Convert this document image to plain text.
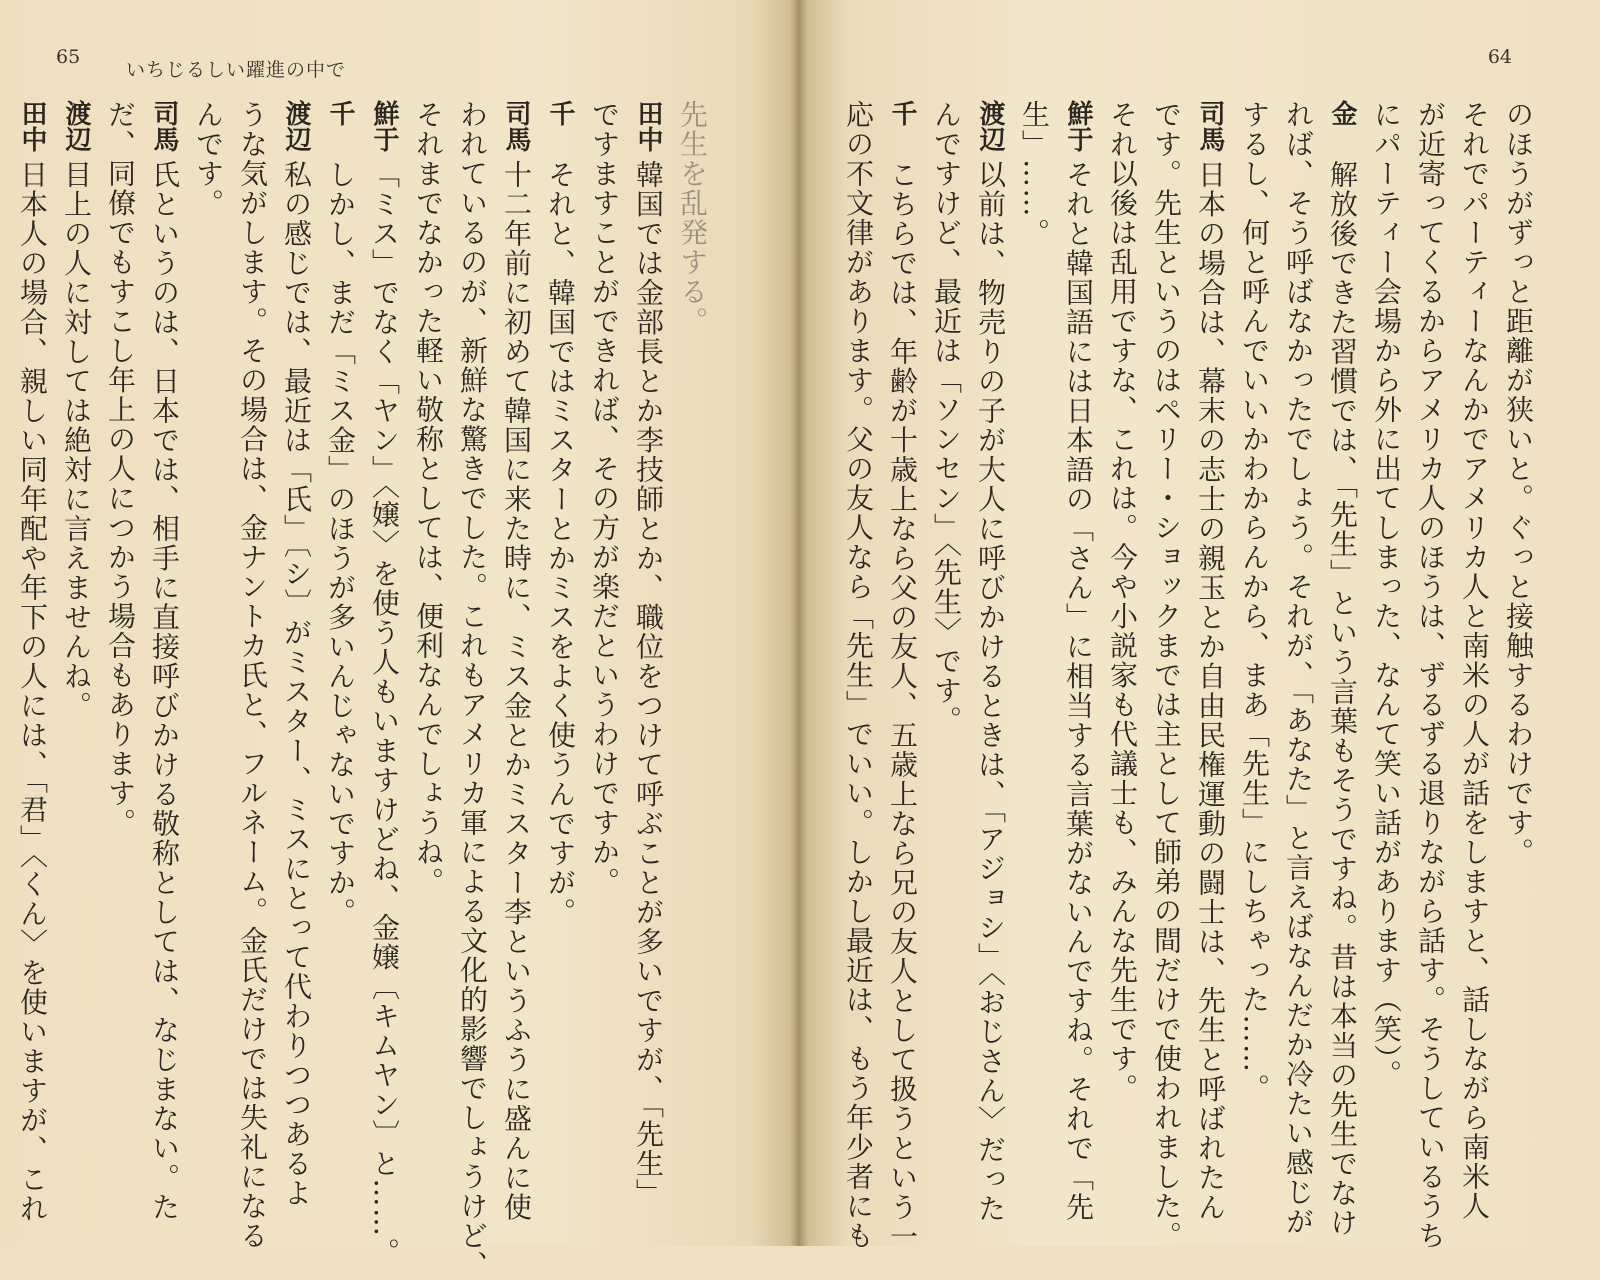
65
いちじるしい躍進の中で
先生を乱発する。
田中韓国では金部長とか李技師とか、職位をつけて呼ぶことが多いですが、「先生」
ですますことができれば、その方が楽だというわけですか。
千それと、韓国ではミスターとかミスをよく使うんですが。
司馬十二年前に初めて韓国に来た時に、ミス金とかミスター李というふうに盛んに使
われているのが、新鮮な驚きでした。これもアメリカ軍による文化的影響でしょうけど、
それまでなかった軽い敬称としては、便利なんでしょうね。
鮮于「ミス」でなく「ヤン」〈嬢〉を使う人もいますけどね、金嬢〔キムヤン〕と……。
千しかし、まだ「ミス金」のほうが多いんじゃないですか。
渡辺私の感じでは、最近は「氏」〔シ〕がミスター、ミスにとって代わりつつあるよ
うな気がします。その場合は、金ナントカ氏と、フルネーム。金氏だけでは失礼になる
んです。
司馬氏というのは、日本では、相手に直接呼びかける敬称としては、なじまない。た
だ、同僚でもすこし年上の人につかう場合もあります。
渡辺目上の人に対しては絶対に言えませんね。
田中日本人の場合、親しい同年配や年下の人には、「君」〈くん〉を使いますが、これ
64
のほうがずっと距離が狭いと。ぐっと接触するわけです。
それでパーティーなんかでアメリカ人と南米の人が話をしますと、話しながら南米人
が近寄ってくるからアメリカ人のほうは、ずるずる退りながら話す。そうしているうち
にパーティー会場から外に出てしまった、なんて笑い話があります（笑）。
金解放後できた習慣では、「先生」という言葉もそうですね。昔は本当の先生でなけ
れば、そう呼ばなかったでしょう。それが、「あなた」と言えばなんだか冷たい感じが
するし、何と呼んでいいかわからんから、まあ「先生」にしちゃった……。
司馬日本の場合は、幕末の志士の親玉とか自由民権運動の闘士は、先生と呼ばれたん
です。先生というのはペリー・ショックまでは主として師弟の間だけで使われました。
それ以後は乱用ですな、これは。今や小説家も代議士も、みんな先生です。
鮮于それと韓国語には日本語の「さん」に相当する言葉がないんですね。それで「先
生」……。
渡辺以前は、物売りの子が大人に呼びかけるときは、「アジョシ」〈おじさん〉だった
んですけど、最近は「ソンセン」〈先生〉です。
千こちらでは、年齢が十歳上なら父の友人、五歳上なら兄の友人として扱うという一
応の不文律があります。父の友人なら「先生」でいい。しかし最近は、もう年少者にも
